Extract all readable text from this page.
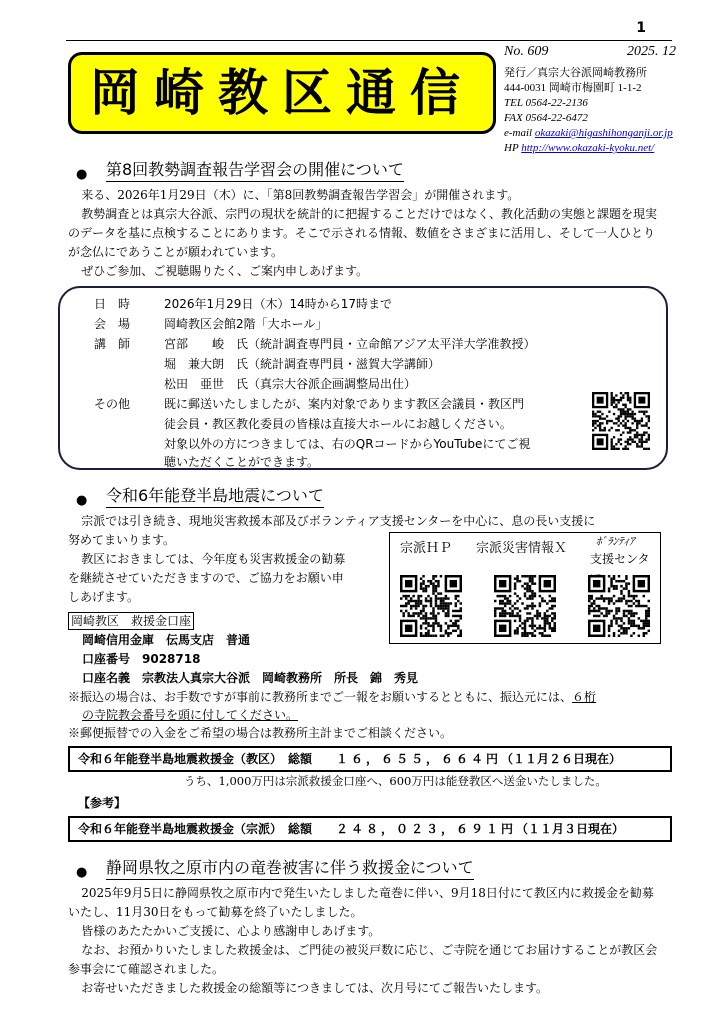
1
岡崎教区通信
No. 609	2025. 12
発行／真宗大谷派岡崎教務所
444-0031 岡崎市梅園町 1-1-2
TEL 0564-22-2136
FAX 0564-22-6472
e-mail okazaki@higashihonganji.or.jp
HP http://www.okazaki-kyoku.net/
●	第8回教勢調査報告学習会の開催について

来る、2026年1月29日（木）に、「第8回教勢調査報告学習会」が開催されます。

教勢調査とは真宗大谷派、宗門の現状を統計的に把握することだけではなく、教化活動の実態と課題を現実のデータを基に点検することにあります。そこで示される情報、数値をさまざまに活用し、そして一人ひとりが念仏にであうことが願われています。

ぜひご参加、ご視聴賜りたく、ご案内申しあげます。

日　時	2026年1月29日（木）14時から17時まで
会　場	岡崎教区会館2階「大ホール」
講　師	宮部　　峻　氏（統計調査専門員・立命館アジア太平洋大学准教授）
堀　兼大朗　氏（統計調査専門員・滋賀大学講師）
松田　亜世　氏（真宗大谷派企画調整局出仕）
その他	既に郵送いたしましたが、案内対象であります教区会議員・教区門
徒会員・教区教化委員の皆様は直接大ホールにお越しください。
対象以外の方につきましては、右のQRコードからYouTubeにてご視
聴いただくことができます。
●	令和6年能登半島地震について

宗派では引き続き、現地災害救援本部及びボランティア支援センターを中心に、息の長い支援に

努めてまいります。
教区におきましては、今年度も災害救援金の勧募
を継続させていただきますので、ご協力をお願い申
しあげます。
宗派ＨＰ 宗派災害情報Ｘ	ﾎﾞﾗﾝﾃｨｱ
支援センタ
岡崎教区　救援金口座
岡崎信用金庫　伝馬支店　普通
口座番号　9028718
口座名義　宗教法人真宗大谷派　岡崎教務所　所長　錦　秀見
※振込の場合は、お手数ですが事前に教務所までご一報をお願いするとともに、振込元には、６桁
の寺院教会番号を頭に付してください。
※郵便振替での入金をご希望の場合は教務所主計までご相談ください。
令和６年能登半島地震救援金（教区）　総額　　 １６，６５５，６６４円（１１月２６日現在）
うち、1,000万円は宗派救援金口座へ、600万円は能登教区へ送金いたしました。
【参考】
令和６年能登半島地震救援金（宗派）　総額　　 ２４８，０２３，６９１円（１１月３日現在）
●	静岡県牧之原市内の竜巻被害に伴う救援金について

2025年9月5日に静岡県牧之原市内で発生いたしました竜巻に伴い、9月18日付にて教区内に救援金を勧募いたし、11月30日をもって勧募を終了いたしました。

皆様のあたたかいご支援に、心より感謝申しあげます。

なお、お預かりいたしました救援金は、ご門徒の被災戸数に応じ、ご寺院を通じてお届けすることが教区会参事会にて確認されました。

お寄せいただきました救援金の総額等につきましては、次月号にてご報告いたします。
